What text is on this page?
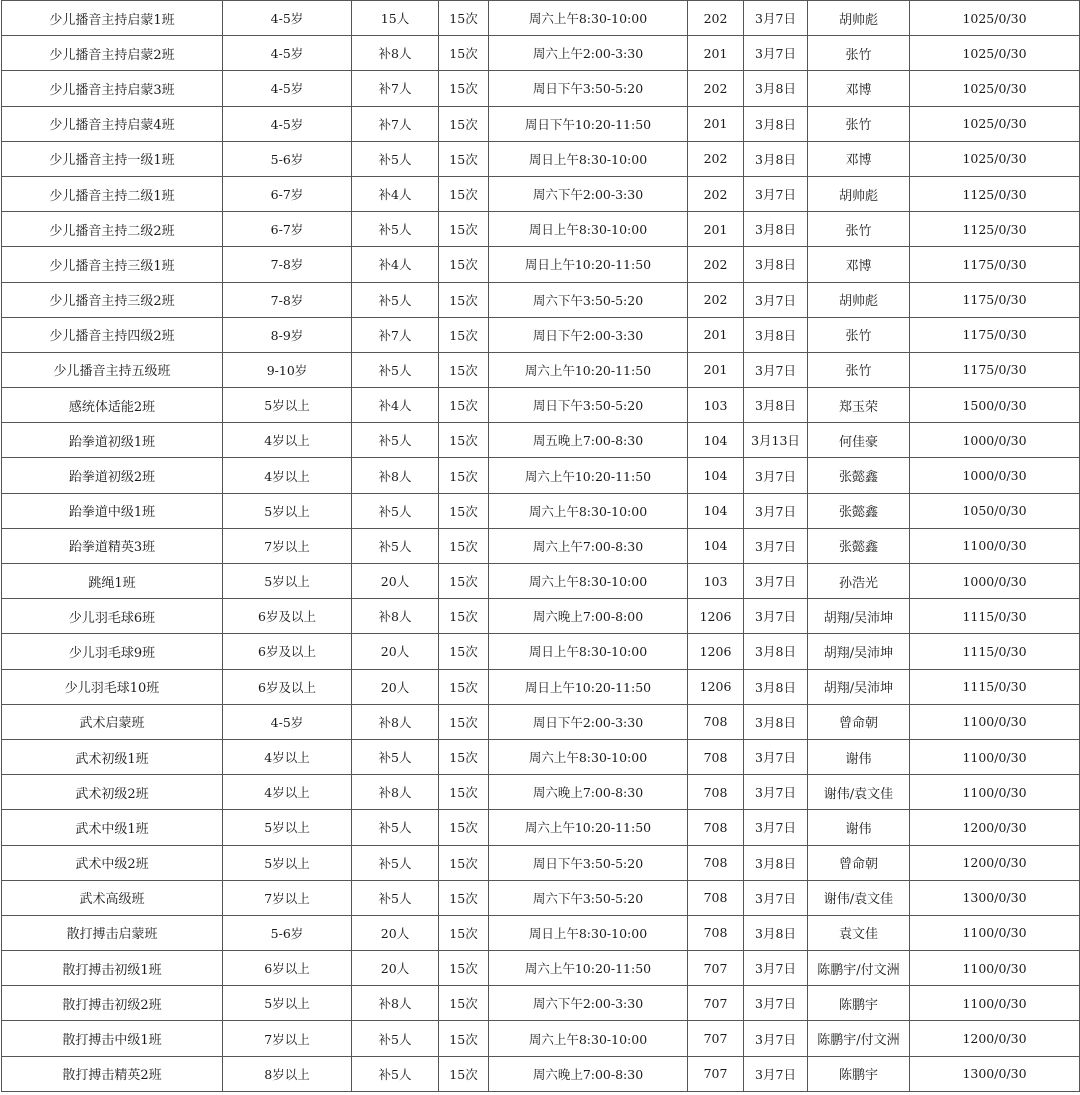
少儿播音主持启蒙1班	4-5岁	15人	15次	周六上午8:30-10:00	202	3月7日	胡帅彪	1025/0/30
少儿播音主持启蒙2班	4-5岁	补8人	15次	周六上午2:00-3:30	201	3月7日	张竹	1025/0/30
少儿播音主持启蒙3班	4-5岁	补7人	15次	周日下午3:50-5:20	202	3月8日	邓博	1025/0/30
少儿播音主持启蒙4班	4-5岁	补7人	15次	周日下午10:20-11:50	201	3月8日	张竹	1025/0/30
少儿播音主持一级1班	5-6岁	补5人	15次	周日上午8:30-10:00	202	3月8日	邓博	1025/0/30
少儿播音主持二级1班	6-7岁	补4人	15次	周六下午2:00-3:30	202	3月7日	胡帅彪	1125/0/30
少儿播音主持二级2班	6-7岁	补5人	15次	周日上午8:30-10:00	201	3月8日	张竹	1125/0/30
少儿播音主持三级1班	7-8岁	补4人	15次	周日上午10:20-11:50	202	3月8日	邓博	1175/0/30
少儿播音主持三级2班	7-8岁	补5人	15次	周六下午3:50-5:20	202	3月7日	胡帅彪	1175/0/30
少儿播音主持四级2班	8-9岁	补7人	15次	周日下午2:00-3:30	201	3月8日	张竹	1175/0/30
少儿播音主持五级班	9-10岁	补5人	15次	周六上午10:20-11:50	201	3月7日	张竹	1175/0/30
感统体适能2班	5岁以上	补4人	15次	周日下午3:50-5:20	103	3月8日	郑玉荣	1500/0/30
跆拳道初级1班	4岁以上	补5人	15次	周五晚上7:00-8:30	104	3月13日	何佳豪	1000/0/30
跆拳道初级2班	4岁以上	补8人	15次	周六上午10:20-11:50	104	3月7日	张懿鑫	1000/0/30
跆拳道中级1班	5岁以上	补5人	15次	周六上午8:30-10:00	104	3月7日	张懿鑫	1050/0/30
跆拳道精英3班	7岁以上	补5人	15次	周六上午7:00-8:30	104	3月7日	张懿鑫	1100/0/30
跳绳1班	5岁以上	20人	15次	周六上午8:30-10:00	103	3月7日	孙浩光	1000/0/30
少儿羽毛球6班	6岁及以上	补8人	15次	周六晚上7:00-8:00	1206	3月7日	胡翔/吴沛坤	1115/0/30
少儿羽毛球9班	6岁及以上	20人	15次	周日上午8:30-10:00	1206	3月8日	胡翔/吴沛坤	1115/0/30
少儿羽毛球10班	6岁及以上	20人	15次	周日上午10:20-11:50	1206	3月8日	胡翔/吴沛坤	1115/0/30
武术启蒙班	4-5岁	补8人	15次	周日下午2:00-3:30	708	3月8日	曾命朝	1100/0/30
武术初级1班	4岁以上	补5人	15次	周六上午8:30-10:00	708	3月7日	谢伟	1100/0/30
武术初级2班	4岁以上	补8人	15次	周六晚上7:00-8:30	708	3月7日	谢伟/袁文佳	1100/0/30
武术中级1班	5岁以上	补5人	15次	周六上午10:20-11:50	708	3月7日	谢伟	1200/0/30
武术中级2班	5岁以上	补5人	15次	周日下午3:50-5:20	708	3月8日	曾命朝	1200/0/30
武术高级班	7岁以上	补5人	15次	周六下午3:50-5:20	708	3月7日	谢伟/袁文佳	1300/0/30
散打搏击启蒙班	5-6岁	20人	15次	周日上午8:30-10:00	708	3月8日	袁文佳	1100/0/30
散打搏击初级1班	6岁以上	20人	15次	周六上午10:20-11:50	707	3月7日	陈鹏宇/付文洲	1100/0/30
散打搏击初级2班	5岁以上	补8人	15次	周六下午2:00-3:30	707	3月7日	陈鹏宇	1100/0/30
散打搏击中级1班	7岁以上	补5人	15次	周六上午8:30-10:00	707	3月7日	陈鹏宇/付文洲	1200/0/30
散打搏击精英2班	8岁以上	补5人	15次	周六晚上7:00-8:30	707	3月7日	陈鹏宇	1300/0/30
